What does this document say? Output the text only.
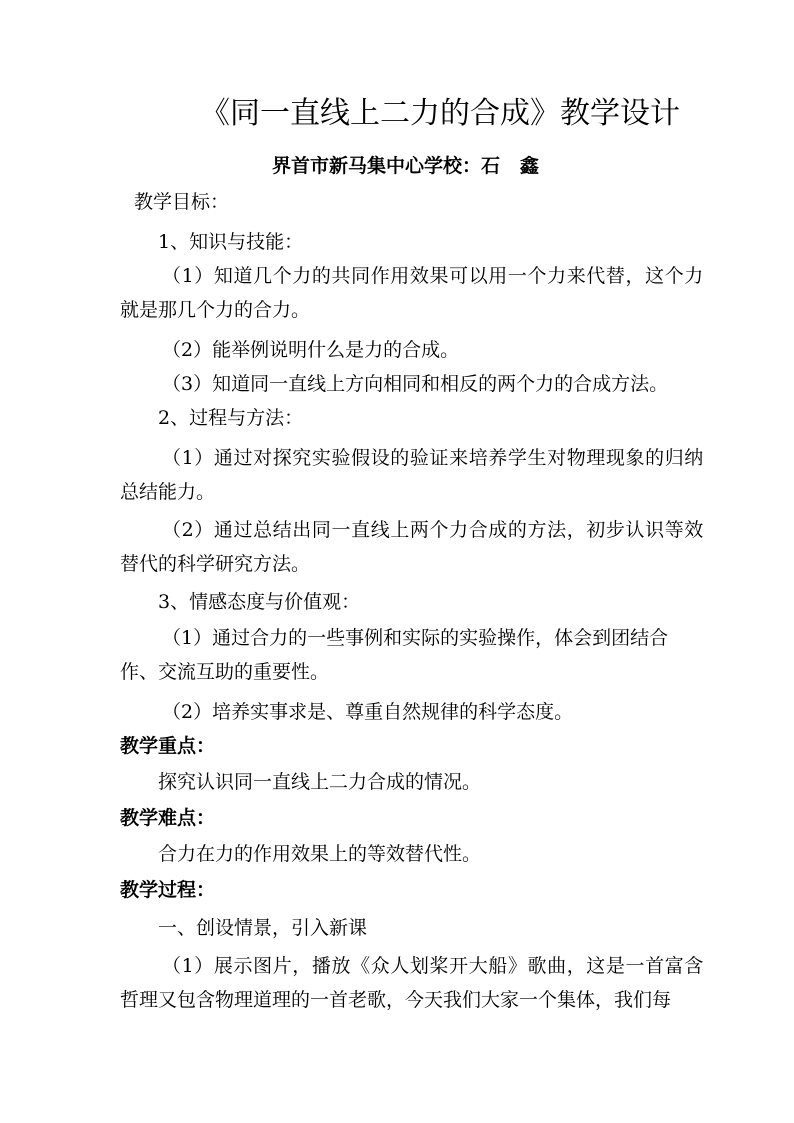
《同一直线上二力的合成》教学设计
界首市新马集中心学校：石   鑫
教学目标：
1、知识与技能：
（1）知道几个力的共同作用效果可以用一个力来代替，这个力
就是那几个力的合力。
（2）能举例说明什么是力的合成。
（3）知道同一直线上方向相同和相反的两个力的合成方法。
2、过程与方法：
（1）通过对探究实验假设的验证来培养学生对物理现象的归纳
总结能力。
（2）通过总结出同一直线上两个力合成的方法，初步认识等效
替代的科学研究方法。
3、情感态度与价值观：
（1）通过合力的一些事例和实际的实验操作，体会到团结合
作、交流互助的重要性。
（2）培养实事求是、尊重自然规律的科学态度。
教学重点：
探究认识同一直线上二力合成的情况。
教学难点：
合力在力的作用效果上的等效替代性。
教学过程：
一、创设情景，引入新课
（1）展示图片，播放《众人划桨开大船》歌曲，这是一首富含
哲理又包含物理道理的一首老歌，今天我们大家一个集体，我们每
